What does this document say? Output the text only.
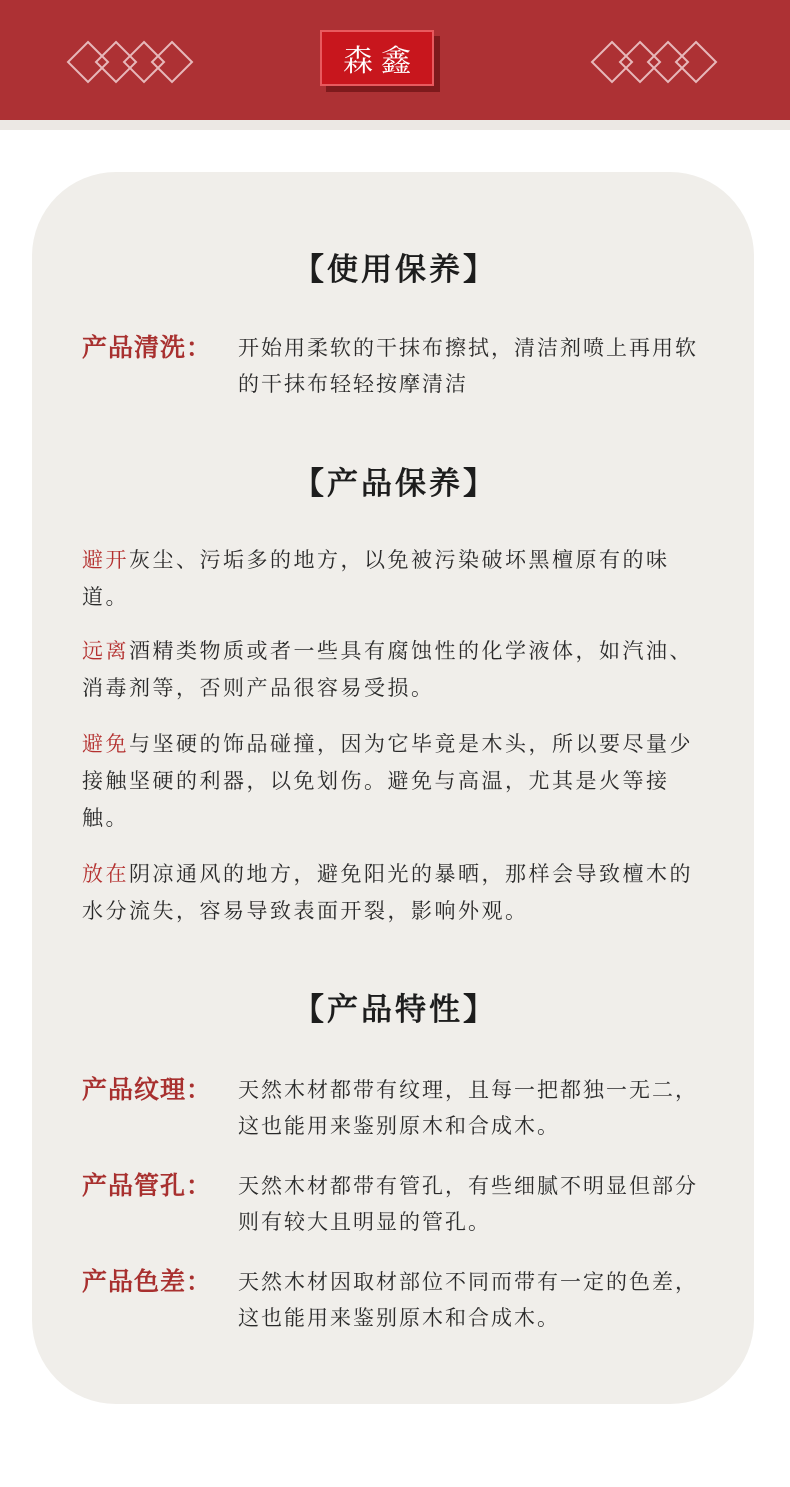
森鑫
【使用保养】
产品清洗：	开始用柔软的干抹布擦拭，清洁剂喷上再用软的干抹布轻轻按摩清洁
【产品保养】
避开灰尘、污垢多的地方，以免被污染破坏黑檀原有的味道。
远离酒精类物质或者一些具有腐蚀性的化学液体，如汽油、消毒剂等，否则产品很容易受损。
避免与坚硬的饰品碰撞，因为它毕竟是木头，所以要尽量少接触坚硬的利器，以免划伤。避免与高温，尤其是火等接触。
放在阴凉通风的地方，避免阳光的暴晒，那样会导致檀木的水分流失，容易导致表面开裂，影响外观。
【产品特性】
产品纹理：	天然木材都带有纹理，且每一把都独一无二，这也能用来鉴别原木和合成木。
产品管孔：	天然木材都带有管孔，有些细腻不明显但部分则有较大且明显的管孔。
产品色差：	天然木材因取材部位不同而带有一定的色差，这也能用来鉴别原木和合成木。
